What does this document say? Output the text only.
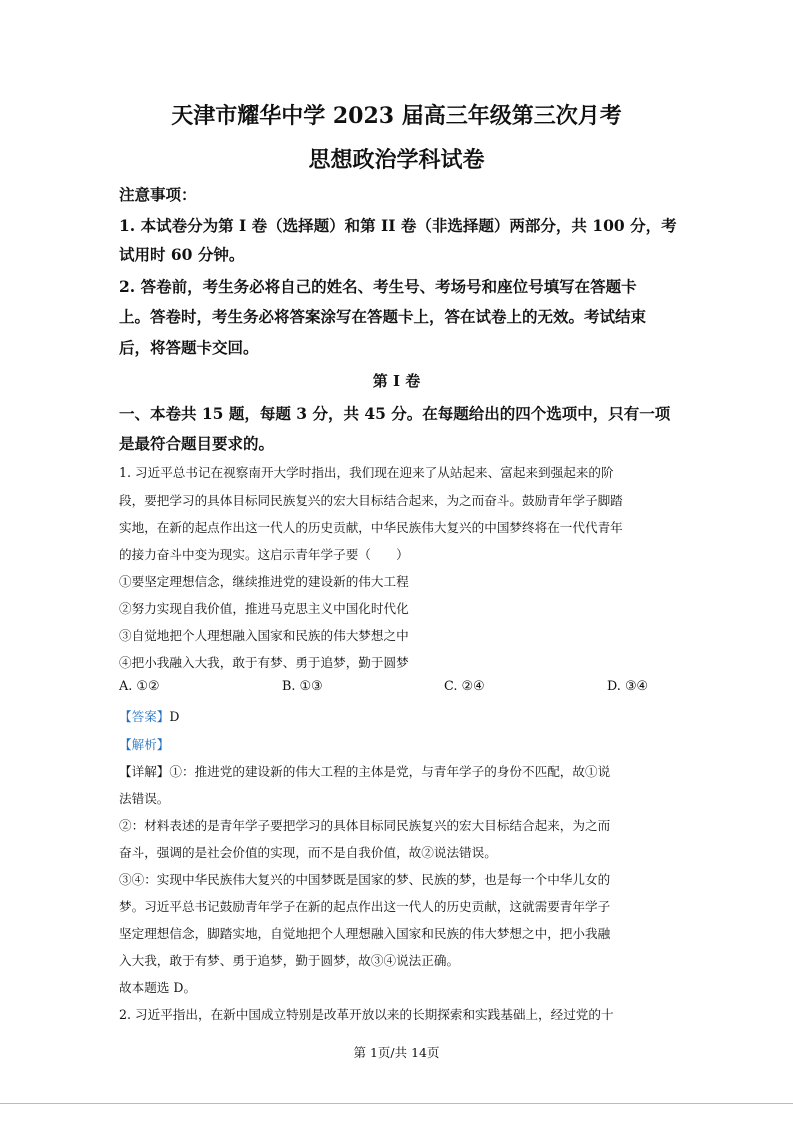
天津市耀华中学 2023 届高三年级第三次月考
思想政治学科试卷
注意事项：
1. 本试卷分为第 I 卷（选择题）和第 II 卷（非选择题）两部分，共 100 分，考
试用时 60 分钟。
2. 答卷前，考生务必将自己的姓名、考生号、考场号和座位号填写在答题卡
上。答卷时，考生务必将答案涂写在答题卡上，答在试卷上的无效。考试结束
后，将答题卡交回。
第 I 卷
一、本卷共 15 题，每题 3 分，共 45 分。在每题给出的四个选项中，只有一项
是最符合题目要求的。
1. 习近平总书记在视察南开大学时指出，我们现在迎来了从站起来、富起来到强起来的阶
段，要把学习的具体目标同民族复兴的宏大目标结合起来，为之而奋斗。鼓励青年学子脚踏
实地，在新的起点作出这一代人的历史贡献，中华民族伟大复兴的中国梦终将在一代代青年
的接力奋斗中变为现实。这启示青年学子要（　　）
①要坚定理想信念，继续推进党的建设新的伟大工程
②努力实现自我价值，推进马克思主义中国化时代化
③自觉地把个人理想融入国家和民族的伟大梦想之中
④把小我融入大我，敢于有梦、勇于追梦，勤于圆梦
A. ①②	B. ①③	C. ②④	D. ③④
【答案】D
【解析】
【详解】①：推进党的建设新的伟大工程的主体是党，与青年学子的身份不匹配，故①说
法错误。
②：材料表述的是青年学子要把学习的具体目标同民族复兴的宏大目标结合起来，为之而
奋斗，强调的是社会价值的实现，而不是自我价值，故②说法错误。
③④：实现中华民族伟大复兴的中国梦既是国家的梦、民族的梦，也是每一个中华儿女的
梦。习近平总书记鼓励青年学子在新的起点作出这一代人的历史贡献，这就需要青年学子
坚定理想信念，脚踏实地，自觉地把个人理想融入国家和民族的伟大梦想之中，把小我融
入大我，敢于有梦、勇于追梦，勤于圆梦，故③④说法正确。
故本题选 D。
2. 习近平指出，在新中国成立特别是改革开放以来的长期探索和实践基础上，经过党的十
第 1页/共 14页
